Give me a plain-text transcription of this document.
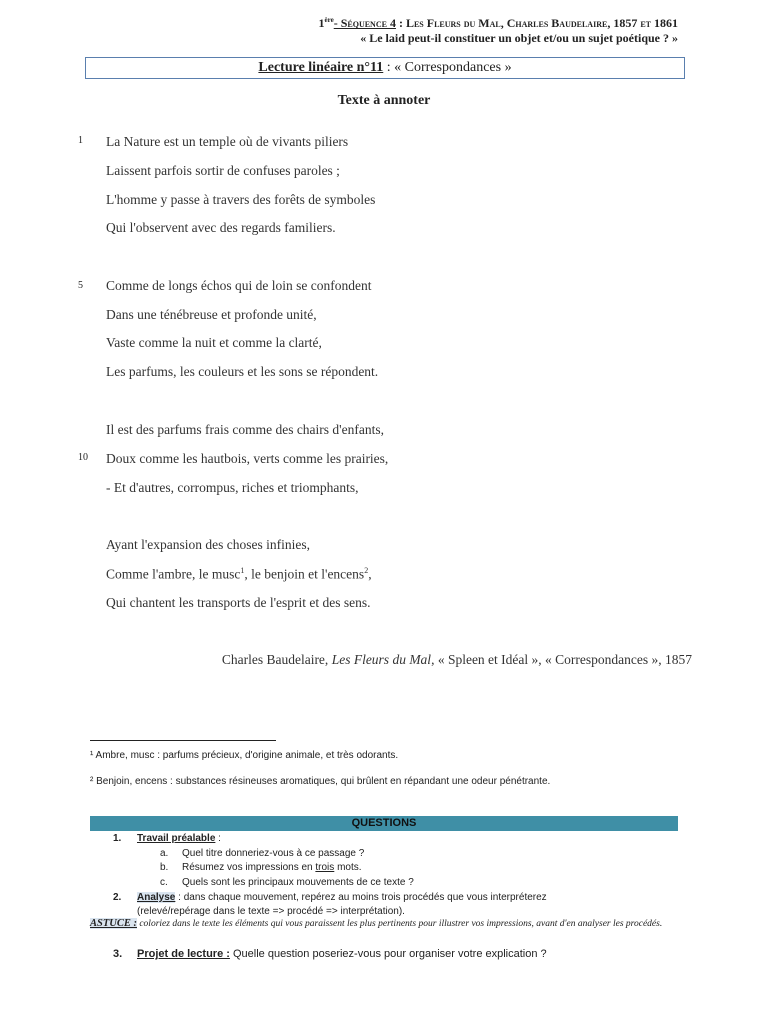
1ère- Séquence 4 : Les Fleurs du Mal, Charles Baudelaire, 1857 et 1861
« Le laid peut-il constituer un objet et/ou un sujet poétique ? »
Lecture linéaire n°11 : « Correspondances »
Texte à annoter
1
5
10
La Nature est un temple où de vivants piliers
Laissent parfois sortir de confuses paroles ;
L'homme y passe à travers des forêts de symboles
Qui l'observent avec des regards familiers.
Comme de longs échos qui de loin se confondent
Dans une ténébreuse et profonde unité,
Vaste comme la nuit et comme la clarté,
Les parfums, les couleurs et les sons se répondent.
Il est des parfums frais comme des chairs d'enfants,
Doux comme les hautbois, verts comme les prairies,
- Et d'autres, corrompus, riches et triomphants,
Ayant l'expansion des choses infinies,
Comme l'ambre, le musc$^1$, le benjoin et l'encens$^2$,
Qui chantent les transports de l'esprit et des sens.
Charles Baudelaire, Les Fleurs du Mal, « Spleen et Idéal », « Correspondances », 1857
¹ Ambre, musc : parfums précieux, d'origine animale, et très odorants.
² Benjoin, encens : substances résineuses aromatiques, qui brûlent en répandant une odeur pénétrante.
QUESTIONS
1. Travail préalable :
a. Quel titre donneriez-vous à ce passage ?
b. Résumez vos impressions en trois mots.
c. Quels sont les principaux mouvements de ce texte ?
2. Analyse : dans chaque mouvement, repérez au moins trois procédés que vous interpréterez
(relevé/repérage dans le texte => procédé => interprétation).
ASTUCE : coloriez dans le texte les éléments qui vous paraissent les plus pertinents pour illustrer vos impressions, avant d'en analyser les procédés.
3. Projet de lecture : Quelle question poseriez-vous pour organiser votre explication ?
